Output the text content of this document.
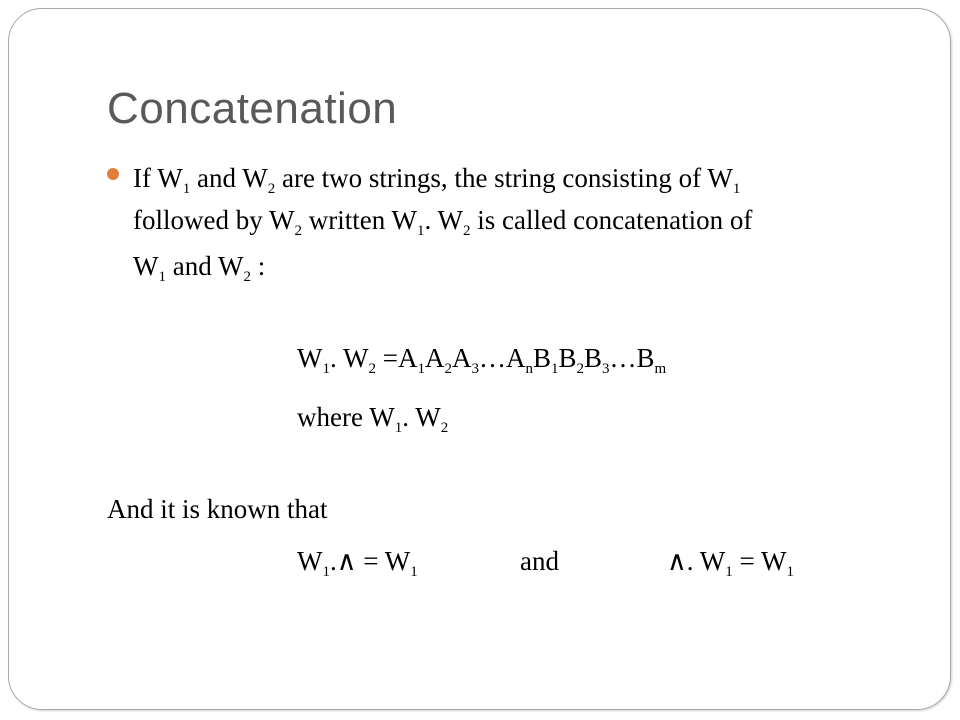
Concatenation
If $W_1$ and $W_2$ are two strings, the string consisting of $W_1$
followed by $W_2$ written $W_1$. $W_2$ is called concatenation of
$W_1$ and $W_2$ :
$W_1$. $W_2$ $=A_1A_2A_3\dots A_nB_1B_2B_3\dots B_m$
where $W_1$. $W_2$
And it is known that
$W_1.\wedge = W_1$	and	∧. $W_1 = W_1$
